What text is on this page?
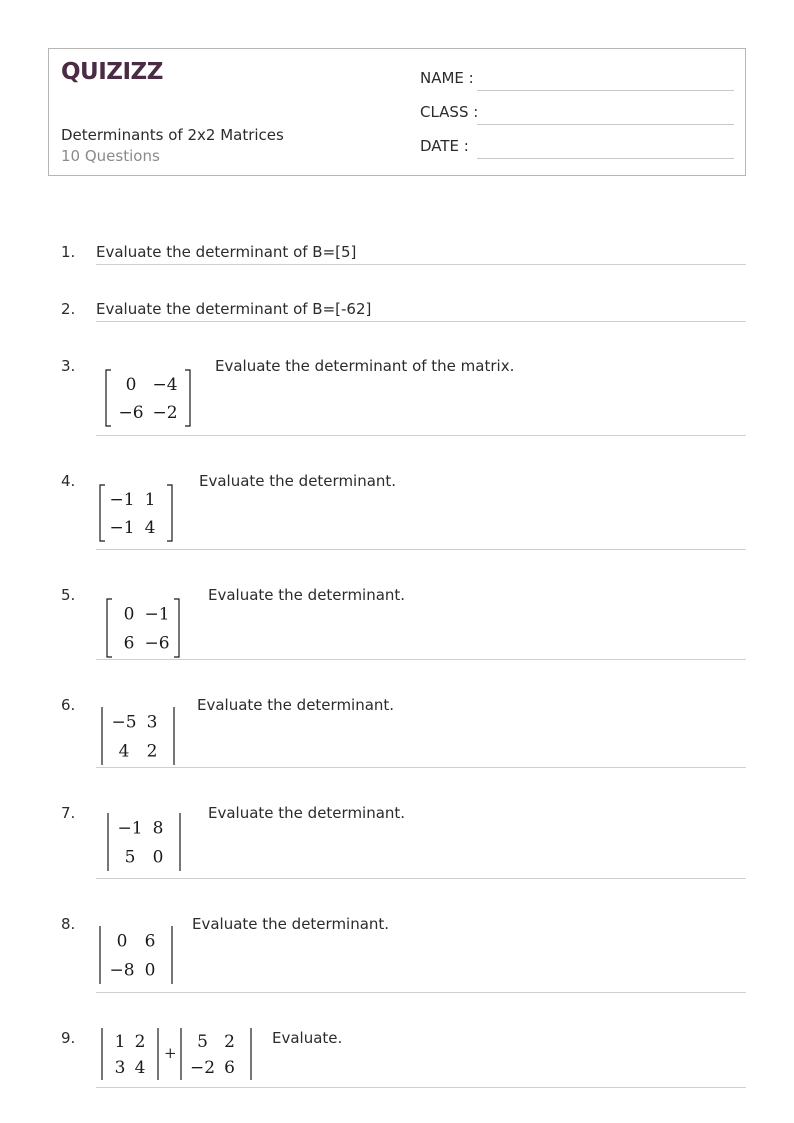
QUIZIZZ
Determinants of 2x2 Matrices
10 Questions
NAME :
CLASS :
DATE :
1. Evaluate the determinant of B=[5]
2. Evaluate the determinant of B=[-62]
3.
0 −4
−6 −2
Evaluate the determinant of the matrix.
4.
−1 1
−1 4
Evaluate the determinant.
5.
0 −1
6 −6
Evaluate the determinant.
6.
−5 3
4 2
Evaluate the determinant.
7.
−1 8
5 0
Evaluate the determinant.
8.
0 6
−8 0
Evaluate the determinant.
9. 1 2
3 4
+
5 2
−2 6
Evaluate.
